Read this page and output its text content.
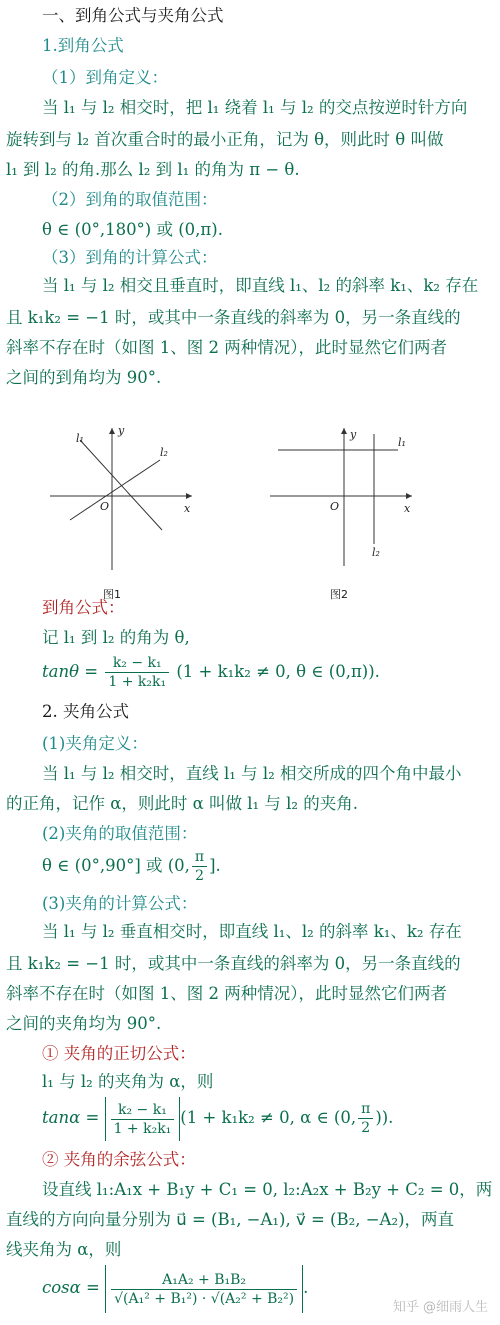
一、到角公式与夹角公式
1.到角公式
（1）到角定义：
当 l₁ 与 l₂ 相交时，把 l₁ 绕着 l₁ 与 l₂ 的交点按逆时针方向
旋转到与 l₂ 首次重合时的最小正角，记为 θ，则此时 θ 叫做
l₁ 到 l₂ 的角.那么 l₂ 到 l₁ 的角为 π − θ.
（2）到角的取值范围：
θ ∈ (0°,180°) 或 (0,π).
（3）到角的计算公式：
当 l₁ 与 l₂ 相交且垂直时，即直线 l₁、l₂ 的斜率 k₁、k₂ 存在
且 k₁k₂ = −1 时，或其中一条直线的斜率为 0，另一条直线的
斜率不存在时（如图 1、图 2 两种情况），此时显然它们两者
之间的到角均为 90°.
l₁
l₂
y
x
O
图1
l₁
l₂
y
x
O
图2
到角公式：
记 l₁ 到 l₂ 的角为 θ,
$\tan\theta = \frac{\text{k₂ − k₁}}{\text{1 + k₂k₁}} (1 + k_1k_2 \ne 0$, θ ∈ (0,π)).
2. 夹角公式
(1)夹角定义：
当 l₁ 与 l₂ 相交时，直线 l₁ 与 l₂ 相交所成的四个角中最小
的正角，记作 α，则此时 α 叫做 l₁ 与 l₂ 的夹角.
(2)夹角的取值范围：
θ ∈ (0°,90°] 或 (0, $\frac{\pi}{2}$ ].
(3)夹角的计算公式：
当 l₁ 与 l₂ 垂直相交时，即直线 l₁、l₂ 的斜率 k₁、k₂ 存在
且 k₁k₂ = −1 时，或其中一条直线的斜率为 0，另一条直线的
斜率不存在时（如图 1、图 2 两种情况），此时显然它们两者
之间的夹角均为 90°.
① 夹角的正切公式：
l₁ 与 l₂ 的夹角为 α，则
$\tan\alpha = \frac{\text{k₂ − k₁}}{\text{1 + k₂k₁}} (1 + k_1k_2 \ne 0$, α ∈ (0, $\frac{\pi}{2}$ )).
② 夹角的余弦公式：
设直线 l₁:A₁x + B₁y + C₁ = 0, l₂:A₂x + B₂y + C₂ = 0，两
直线的方向向量分别为 u⃗ = (B₁, −A₁), v⃗ = (B₂, −A₂)，两直
线夹角为 α，则
$\cos\alpha = \frac{\text{A₁A₂ + B₁B₂}}{\text{√(A₁² + B₁²) · √(A₂² + B₂²)}}$ .
知乎 @细雨人生
